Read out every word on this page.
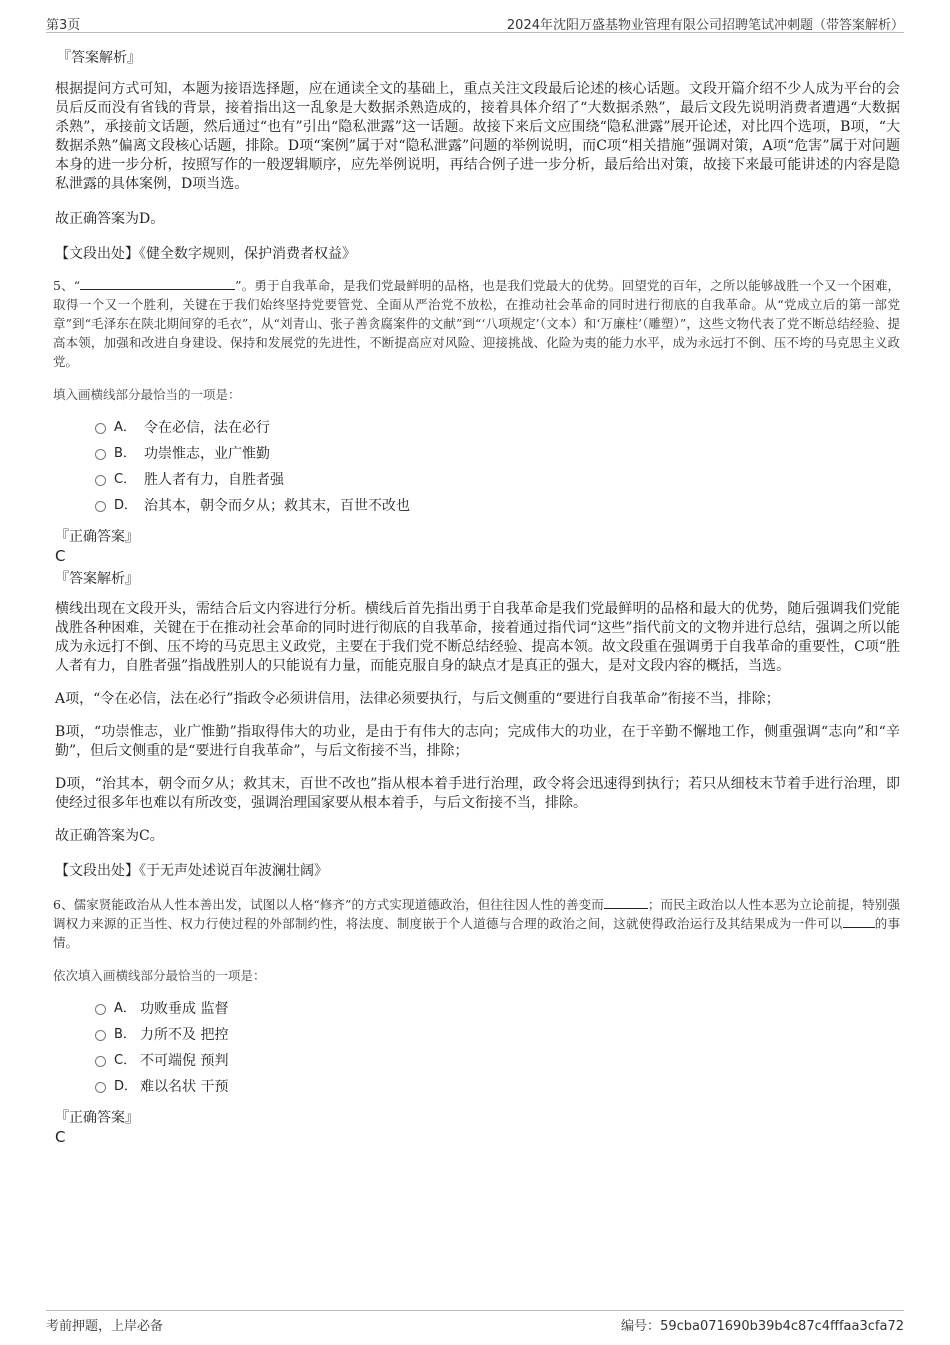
第3页	2024年沈阳万盛基物业管理有限公司招聘笔试冲刺题（带答案解析）

『答案解析』

根据提问方式可知，本题为接语选择题，应在通读全文的基础上，重点关注文段最后论述的核心话题。文段开篇介绍不少人成为平台的会员后反而没有省钱的背景，接着指出这一乱象是大数据杀熟造成的，接着具体介绍了“大数据杀熟”，最后文段先说明消费者遭遇“大数据杀熟”，承接前文话题，然后通过“也有”引出“隐私泄露”这一话题。故接下来后文应围绕“隐私泄露”展开论述，对比四个选项，B项，“大数据杀熟”偏离文段核心话题，排除。D项“案例”属于对“隐私泄露”问题的举例说明，而C项“相关措施”强调对策，A项“危害”属于对问题本身的进一步分析，按照写作的一般逻辑顺序，应先举例说明，再结合例子进一步分析，最后给出对策，故接下来最可能讲述的内容是隐私泄露的具体案例，D项当选。

故正确答案为D。

【文段出处】《健全数字规则，保护消费者权益》

5、“	”。勇于自我革命，是我们党最鲜明的品格，也是我们党最大的优势。回望党的百年，之所以能够战胜一个又一个困难，取得一个又一个胜利，关键在于我们始终坚持党要管党、全面从严治党不放松，在推动社会革命的同时进行彻底的自我革命。从“党成立后的第一部党章”到“毛泽东在陕北期间穿的毛衣”，从“刘青山、张子善贪腐案件的文献”到“‘八项规定’（文本）和‘万廉柱’（雕塑）”，这些文物代表了党不断总结经验、提高本领，加强和改进自身建设、保持和发展党的先进性，不断提高应对风险、迎接挑战、化险为夷的能力水平，成为永远打不倒、压不垮的马克思主义政党。

填入画横线部分最恰当的一项是：

A． 令在必信，法在必行
B． 功崇惟志，业广惟勤
C． 胜人者有力，自胜者强
D． 治其本，朝令而夕从；救其末，百世不改也

『正确答案』

C

『答案解析』

横线出现在文段开头，需结合后文内容进行分析。横线后首先指出勇于自我革命是我们党最鲜明的品格和最大的优势，随后强调我们党能战胜各种困难，关键在于在推动社会革命的同时进行彻底的自我革命，接着通过指代词“这些”指代前文的文物并进行总结，强调之所以能成为永远打不倒、压不垮的马克思主义政党，主要在于我们党不断总结经验、提高本领。故文段重在强调勇于自我革命的重要性，C项“胜人者有力，自胜者强”指战胜别人的只能说有力量，而能克服自身的缺点才是真正的强大，是对文段内容的概括，当选。

A项，“令在必信，法在必行”指政令必须讲信用，法律必须要执行，与后文侧重的“要进行自我革命”衔接不当，排除；

B项，“功崇惟志，业广惟勤”指取得伟大的功业，是由于有伟大的志向；完成伟大的功业，在于辛勤不懈地工作，侧重强调“志向”和“辛勤”，但后文侧重的是“要进行自我革命”，与后文衔接不当，排除；

D项，“治其本，朝令而夕从；救其末，百世不改也”指从根本着手进行治理，政令将会迅速得到执行；若只从细枝末节着手进行治理，即使经过很多年也难以有所改变，强调治理国家要从根本着手，与后文衔接不当，排除。

故正确答案为C。

【文段出处】《于无声处述说百年波澜壮阔》

6、儒家贤能政治从人性本善出发，试图以人格“修齐”的方式实现道德政治，但往往因人性的善变而	；而民主政治以人性本恶为立论前提，特别强调权力来源的正当性、权力行使过程的外部制约性，将法度、制度嵌于个人道德与合理的政治之间，这就使得政治运行及其结果成为一件可以	的事情。

依次填入画横线部分最恰当的一项是：

A． 功败垂成 监督
B． 力所不及 把控
C． 不可端倪 预判
D． 难以名状 干预

『正确答案』

C

考前押题，上岸必备	编号：59cba071690b39b4c87c4fffaa3cfa72
